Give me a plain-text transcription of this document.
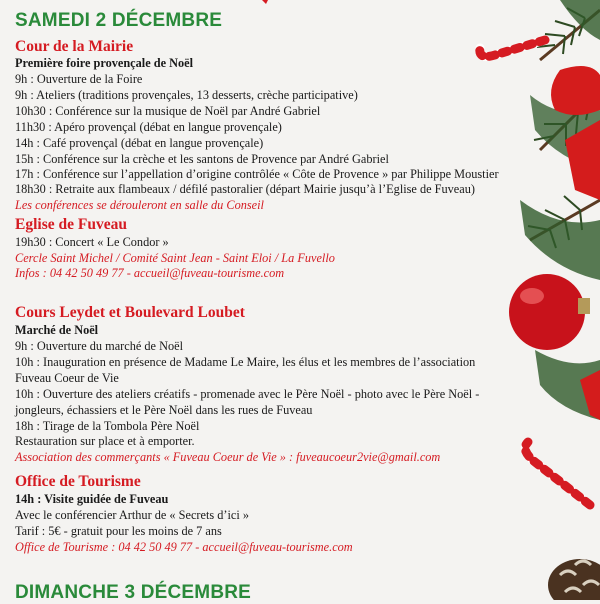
SAMEDI 2 DÉCEMBRE
Cour de la Mairie
Première foire provençale de Noël
9h : Ouverture de la Foire
9h : Ateliers (traditions provençales, 13 desserts, crèche participative)
10h30 : Conférence sur la musique de Noël par André Gabriel
11h30 : Apéro provençal (débat en langue provençale)
14h : Café provençal (débat en langue provençale)
15h : Conférence sur la crèche et les santons de Provence par André Gabriel
17h : Conférence sur l’appellation d’origine contrôlée « Côte de Provence » par Philippe Moustier
18h30 : Retraite aux flambeaux / défilé pastoralier (départ Mairie jusqu’à l’Eglise de Fuveau)
Les conférences se dérouleront en salle du Conseil
Eglise de Fuveau
19h30 : Concert « Le Condor »
Cercle Saint Michel / Comité Saint Jean - Saint Eloi / La Fuvello
Infos : 04 42 50 49 77 - accueil@fuveau-tourisme.com
Cours Leydet et Boulevard Loubet
Marché de Noël
9h : Ouverture du marché de Noël
10h : Inauguration en présence de Madame Le Maire, les élus et les membres de l’association
Fuveau Coeur de Vie
10h : Ouverture des ateliers créatifs - promenade avec le Père Noël - photo avec le Père Noël -
jongleurs, échassiers et le Père Noël dans les rues de Fuveau
18h : Tirage de la Tombola Père Noël
Restauration sur place et à emporter.
Association des commerçants « Fuveau Coeur de Vie » : fuveaucoeur2vie@gmail.com
Office de Tourisme
14h : Visite guidée de Fuveau
Avec le conférencier Arthur de « Secrets d’ici »
Tarif : 5€ - gratuit pour les moins de 7 ans
Office de Tourisme : 04 42 50 49 77 - accueil@fuveau-tourisme.com
DIMANCHE 3 DÉCEMBRE
